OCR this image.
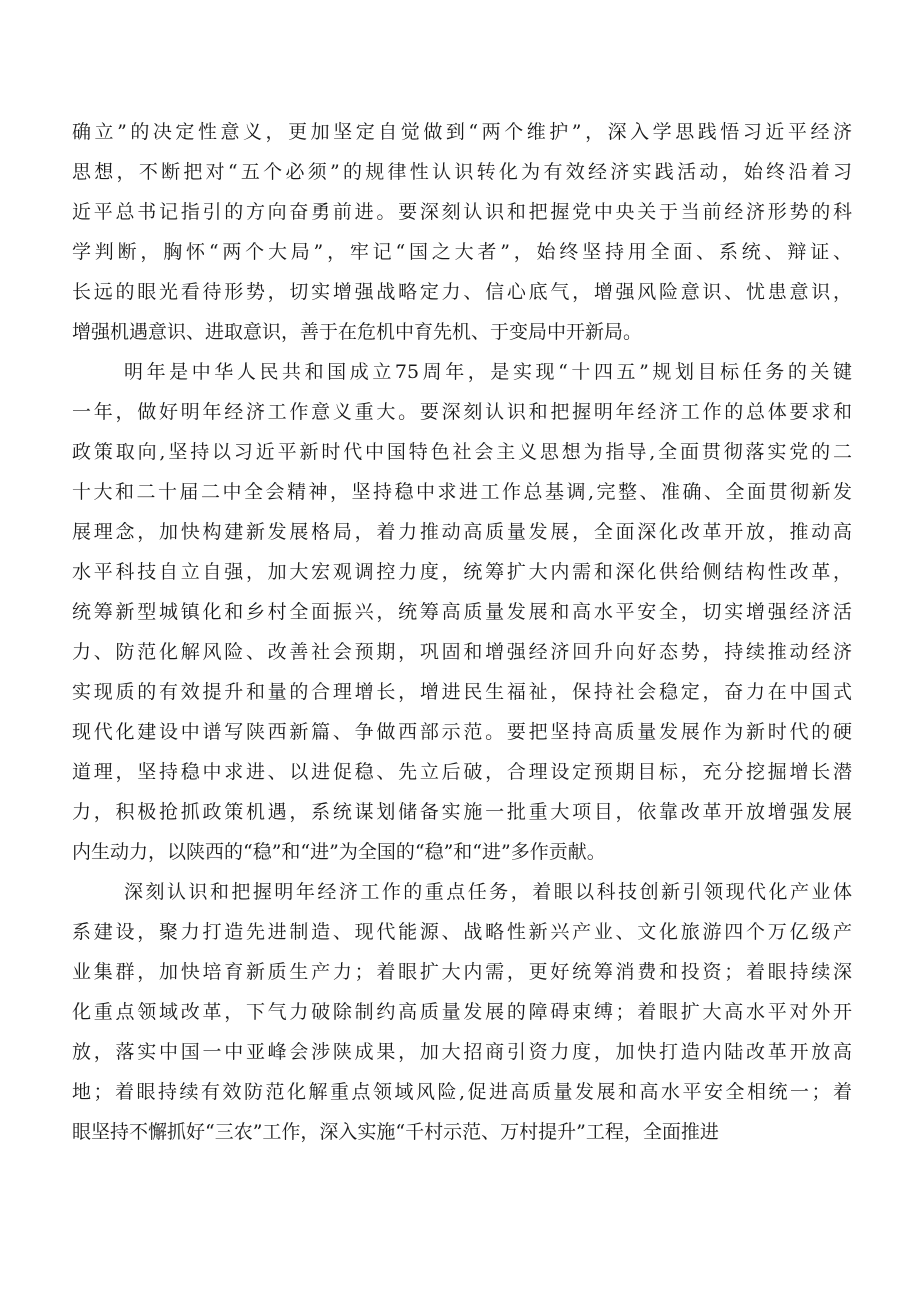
确立”的决定性意义，更加坚定自觉做到“两个维护”，深入学思践悟习近平经济
思想，不断把对“五个必须”的规律性认识转化为有效经济实践活动，始终沿着习
近平总书记指引的方向奋勇前进。要深刻认识和把握党中央关于当前经济形势的科
学判断，胸怀“两个大局”，牢记“国之大者”，始终坚持用全面、系统、辩证、
长远的眼光看待形势，切实增强战略定力、信心底气，增强风险意识、忧患意识，
增强机遇意识、进取意识，善于在危机中育先机、于变局中开新局。
明年是中华人民共和国成立75周年，是实现“十四五”规划目标任务的关键
一年，做好明年经济工作意义重大。要深刻认识和把握明年经济工作的总体要求和
政策取向,坚持以习近平新时代中国特色社会主义思想为指导,全面贯彻落实党的二
十大和二十届二中全会精神，坚持稳中求进工作总基调,完整、准确、全面贯彻新发
展理念，加快构建新发展格局，着力推动高质量发展，全面深化改革开放，推动高
水平科技自立自强，加大宏观调控力度，统筹扩大内需和深化供给侧结构性改革，
统筹新型城镇化和乡村全面振兴，统筹高质量发展和高水平安全，切实增强经济活
力、防范化解风险、改善社会预期，巩固和增强经济回升向好态势，持续推动经济
实现质的有效提升和量的合理增长，增进民生福祉，保持社会稳定，奋力在中国式
现代化建设中谱写陕西新篇、争做西部示范。要把坚持高质量发展作为新时代的硬
道理，坚持稳中求进、以进促稳、先立后破，合理设定预期目标，充分挖掘增长潜
力，积极抢抓政策机遇，系统谋划储备实施一批重大项目，依靠改革开放增强发展
内生动力，以陕西的“稳”和“进”为全国的“稳”和“进”多作贡献。
深刻认识和把握明年经济工作的重点任务，着眼以科技创新引领现代化产业体
系建设，聚力打造先进制造、现代能源、战略性新兴产业、文化旅游四个万亿级产
业集群，加快培育新质生产力；着眼扩大内需，更好统筹消费和投资；着眼持续深
化重点领域改革，下气力破除制约高质量发展的障碍束缚；着眼扩大高水平对外开
放，落实中国一中亚峰会涉陕成果，加大招商引资力度，加快打造内陆改革开放高
地；着眼持续有效防范化解重点领域风险,促进高质量发展和高水平安全相统一；着
眼坚持不懈抓好“三农”工作，深入实施“千村示范、万村提升”工程，全面推进
